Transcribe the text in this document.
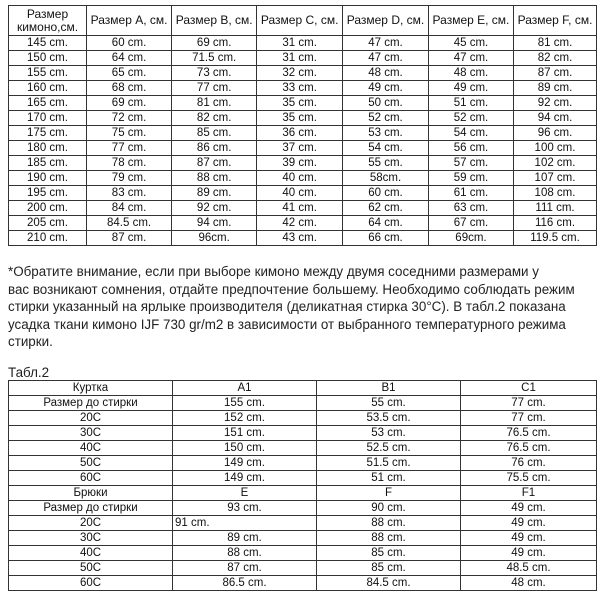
Размер кимоно,см.	Размер A, см.	Размер B, см.	Размер C, см.	Размер D, см.	Размер E, см.	Размер F, см.
145 cm.	60 cm.	69 cm.	31 cm.	47 cm.	45 cm.	81 cm.
150 cm.	64 cm.	71.5 cm.	31 cm.	47 cm.	47 cm.	82 cm.
155 cm.	65 cm.	73 cm.	32 cm.	48 cm.	48 cm.	87 cm.
160 cm.	68 cm.	77 cm.	33 cm.	49 cm.	49 cm.	89 cm.
165 cm.	69 cm.	81 cm.	35 cm.	50 cm.	51 cm.	92 cm.
170 cm.	72 cm.	82 cm.	35 cm.	52 cm.	52 cm.	94 cm.
175 cm.	75 cm.	85 cm.	36 cm.	53 cm.	54 cm.	96 cm.
180 cm.	77 cm.	86 cm.	37 cm.	54 cm.	56 cm.	100 cm.
185 cm.	78 cm.	87 cm.	39 cm.	55 cm.	57 cm.	102 cm.
190 cm.	79 cm.	88 cm.	40 cm.	58cm.	59 cm.	107 cm.
195 cm.	83 cm.	89 cm.	40 cm.	60 cm.	61 cm.	108 cm.
200 cm.	84 cm.	92 cm.	41 cm.	62 cm.	63 cm.	111 cm.
205 cm.	84.5 cm.	94 cm.	42 cm.	64 cm.	67 cm.	116 cm.
210 cm.	87 cm.	96cm.	43 cm.	66 cm.	69cm.	119.5 cm.

*Обратите внимание, если при выборе кимоно между двумя соседними размерами у

вас возникают сомнения, отдайте предпочтение большему. Необходимо соблюдать режим

стирки указанный на ярлыке производителя (деликатная стирка 30°С). В табл.2 показана

усадка ткани кимоно IJF 730 gr/m2 в зависимости от выбранного температурного режима

стирки.

Табл.2
Куртка	A1	B1	C1
Размер до стирки	155 cm.	55 cm.	77 cm.
20C	152 cm.	53.5 cm.	77 cm.
30C	151 cm.	53 cm.	76.5 cm.
40C	150 cm.	52.5 cm.	76.5 cm.
50C	149 cm.	51.5 cm.	76 cm.
60C	149 cm.	51 cm.	75.5 cm.
Брюки	E	F	F1
Размер до стирки	93 cm.	90 cm.	49 cm.
20C	91 cm.	88 cm.	49 cm.
30C	89 cm.	88 cm.	49 cm.
40C	88 cm.	85 cm.	49 cm.
50C	87 cm.	85 cm.	48.5 cm.
60C	86.5 cm.	84.5 cm.	48 cm.
